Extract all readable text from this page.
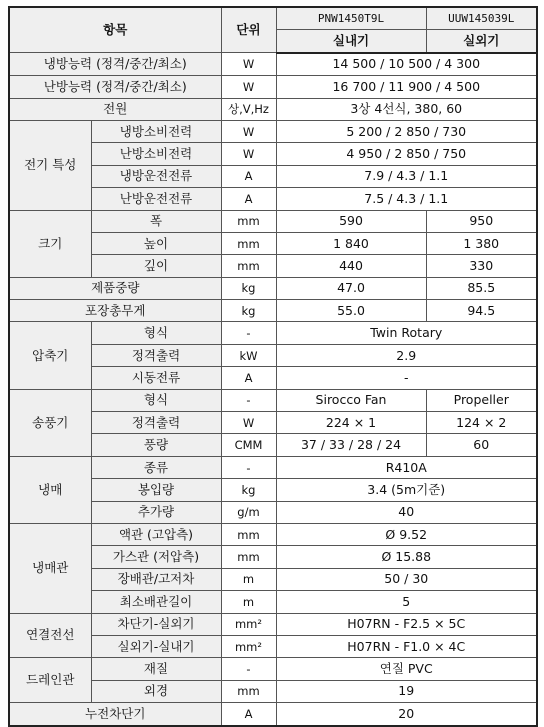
항목		단위	PNW1450T9L	UUW145039L
			실내기	실외기
냉방능력 (정격/중간/최소)		W	14 500 / 10 500 / 4 300	
난방능력 (정격/중간/최소)		W	16 700 / 11 900 / 4 500	
전원		상,V,Hz	3상 4선식, 380, 60	
전기 특성	냉방소비전력	W	5 200 / 2 850 / 730	
	난방소비전력	W	4 950 / 2 850 / 750	
	냉방운전전류	A	7.9 / 4.3 / 1.1	
	난방운전전류	A	7.5 / 4.3 / 1.1	
크기	폭	mm	590	950
	높이	mm	1 840	1 380
	깊이	mm	440	330
제품중량		kg	47.0	85.5
포장총무게		kg	55.0	94.5
압축기	형식	-	Twin Rotary	
	정격출력	kW	2.9	
	시동전류	A	-	
송풍기	형식	-	Sirocco Fan	Propeller
	정격출력	W	224 × 1	124 × 2
	풍량	CMM	37 / 33 / 28 / 24	60
냉매	종류	-	R410A	
	봉입량	kg	3.4 (5m기준)	
	추가량	g/m	40	
냉매관	액관 (고압측)	mm	Ø 9.52	
	가스관 (저압측)	mm	Ø 15.88	
	장배관/고저차	m	50 / 30	
	최소배관길이	m	5	
연결전선	차단기-실외기	mm²	H07RN - F2.5 × 5C	
	실외기-실내기	mm²	H07RN - F1.0 × 4C	
드레인관	재질	-	연질 PVC	
	외경	mm	19	
누전차단기		A	20	
